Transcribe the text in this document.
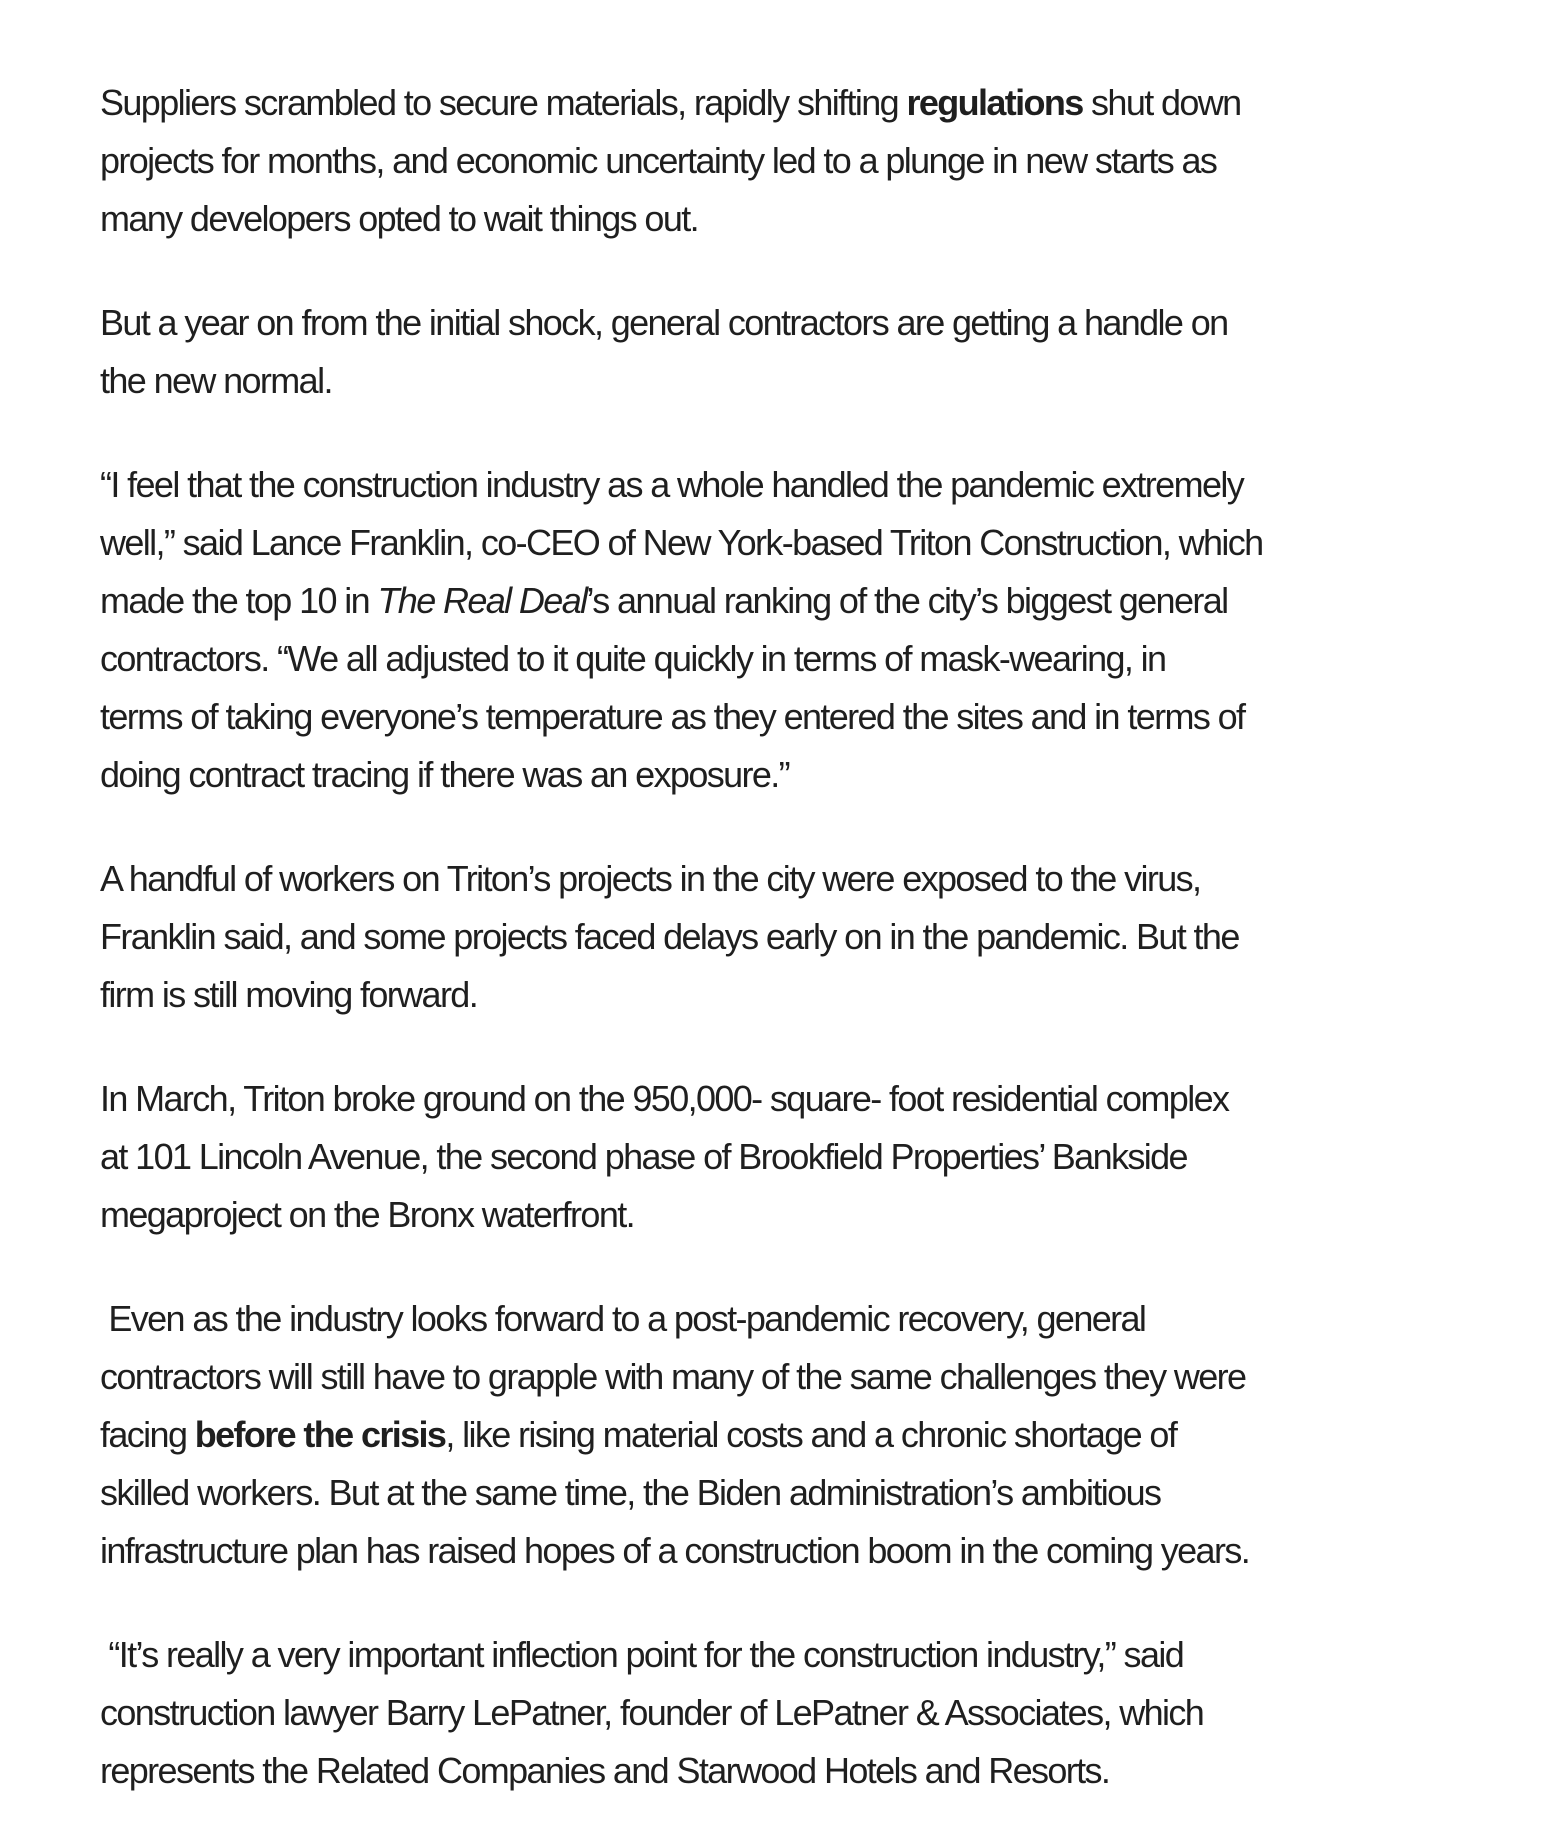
Suppliers scrambled to secure materials, rapidly shifting regulations shut down
projects for months, and economic uncertainty led to a plunge in new starts as
many developers opted to wait things out.

But a year on from the initial shock, general contractors are getting a handle on
the new normal.

“I feel that the construction industry as a whole handled the pandemic extremely
well,” said Lance Franklin, co-CEO of New York-based Triton Construction, which
made the top 10 in The Real Deal’s annual ranking of the city’s biggest general
contractors. “We all adjusted to it quite quickly in terms of mask-wearing, in
terms of taking everyone’s temperature as they entered the sites and in terms of
doing contract tracing if there was an exposure.”

A handful of workers on Triton’s projects in the city were exposed to the virus,
Franklin said, and some projects faced delays early on in the pandemic. But the
firm is still moving forward.

In March, Triton broke ground on the 950,000- square- foot residential complex
at 101 Lincoln Avenue, the second phase of Brookfield Properties’ Bankside
megaproject on the Bronx waterfront.

Even as the industry looks forward to a post-pandemic recovery, general
contractors will still have to grapple with many of the same challenges they were
facing before the crisis, like rising material costs and a chronic shortage of
skilled workers. But at the same time, the Biden administration’s ambitious
infrastructure plan has raised hopes of a construction boom in the coming years.

“It’s really a very important inflection point for the construction industry,” said
construction lawyer Barry LePatner, founder of LePatner & Associates, which
represents the Related Companies and Starwood Hotels and Resorts.
